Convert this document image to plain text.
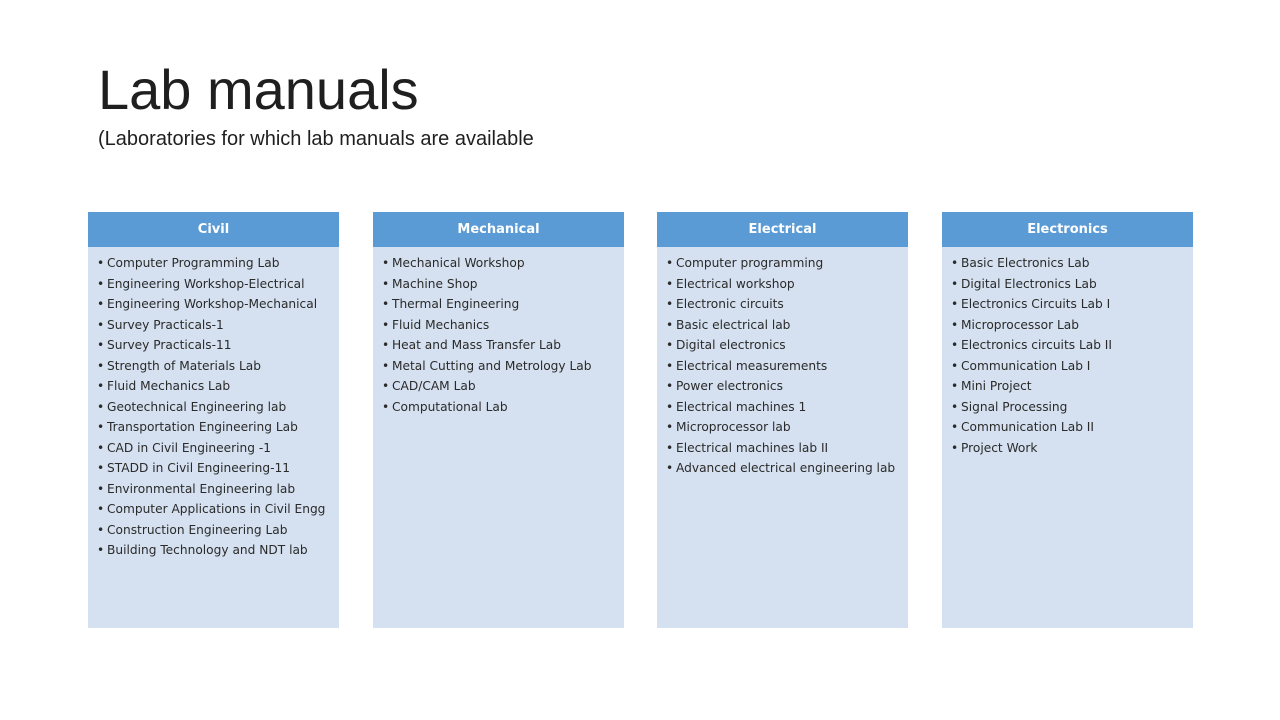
Lab manuals
(Laboratories for which lab manuals are available
Civil
• Computer Programming Lab
• Engineering Workshop-Electrical
• Engineering Workshop-Mechanical
• Survey Practicals-1
• Survey Practicals-11
• Strength of Materials Lab
• Fluid Mechanics Lab
• Geotechnical Engineering lab
• Transportation Engineering Lab
• CAD in Civil Engineering -1
• STADD in Civil Engineering-11
• Environmental Engineering lab
• Computer Applications in Civil Engg
• Construction Engineering Lab
• Building Technology and NDT lab
Mechanical
• Mechanical Workshop
• Machine Shop
• Thermal Engineering
• Fluid Mechanics
• Heat and Mass Transfer Lab
• Metal Cutting and Metrology Lab
• CAD/CAM Lab
• Computational Lab
Electrical
• Computer programming
• Electrical workshop
• Electronic circuits
• Basic electrical lab
• Digital electronics
• Electrical measurements
• Power electronics
• Electrical machines 1
• Microprocessor lab
• Electrical machines lab II
• Advanced electrical engineering lab
Electronics
• Basic Electronics Lab
• Digital Electronics Lab
• Electronics Circuits Lab I
• Microprocessor Lab
• Electronics circuits Lab II
• Communication Lab I
• Mini Project
• Signal Processing
• Communication Lab II
• Project Work
